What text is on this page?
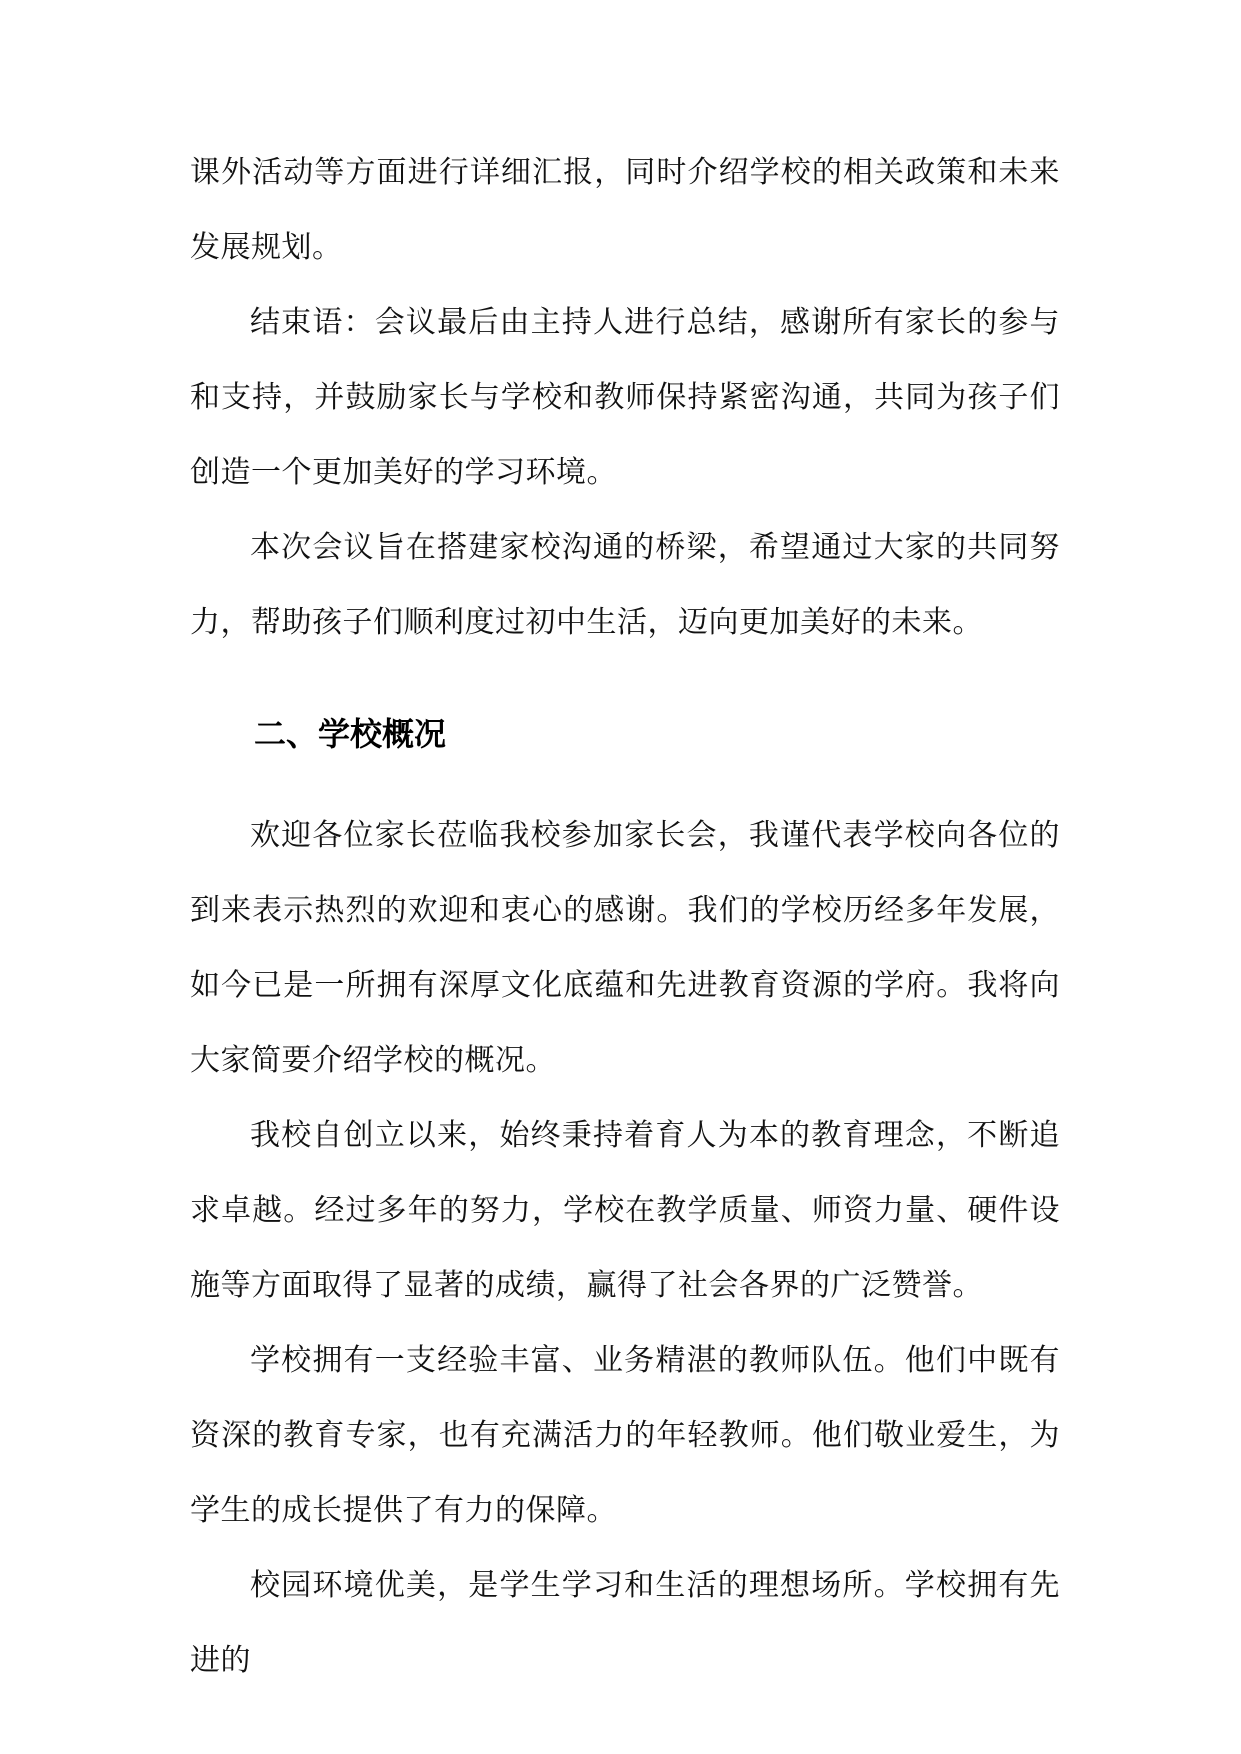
课外活动等方面进行详细汇报，同时介绍学校的相关政策和未来发展规划。

结束语：会议最后由主持人进行总结，感谢所有家长的参与和支持，并鼓励家长与学校和教师保持紧密沟通，共同为孩子们创造一个更加美好的学习环境。

本次会议旨在搭建家校沟通的桥梁，希望通过大家的共同努力，帮助孩子们顺利度过初中生活，迈向更加美好的未来。

二、学校概况

欢迎各位家长莅临我校参加家长会，我谨代表学校向各位的到来表示热烈的欢迎和衷心的感谢。我们的学校历经多年发展，如今已是一所拥有深厚文化底蕴和先进教育资源的学府。我将向大家简要介绍学校的概况。

我校自创立以来，始终秉持着育人为本的教育理念，不断追求卓越。经过多年的努力，学校在教学质量、师资力量、硬件设施等方面取得了显著的成绩，赢得了社会各界的广泛赞誉。

学校拥有一支经验丰富、业务精湛的教师队伍。他们中既有资深的教育专家，也有充满活力的年轻教师。他们敬业爱生，为学生的成长提供了有力的保障。

校园环境优美，是学生学习和生活的理想场所。学校拥有先进的
